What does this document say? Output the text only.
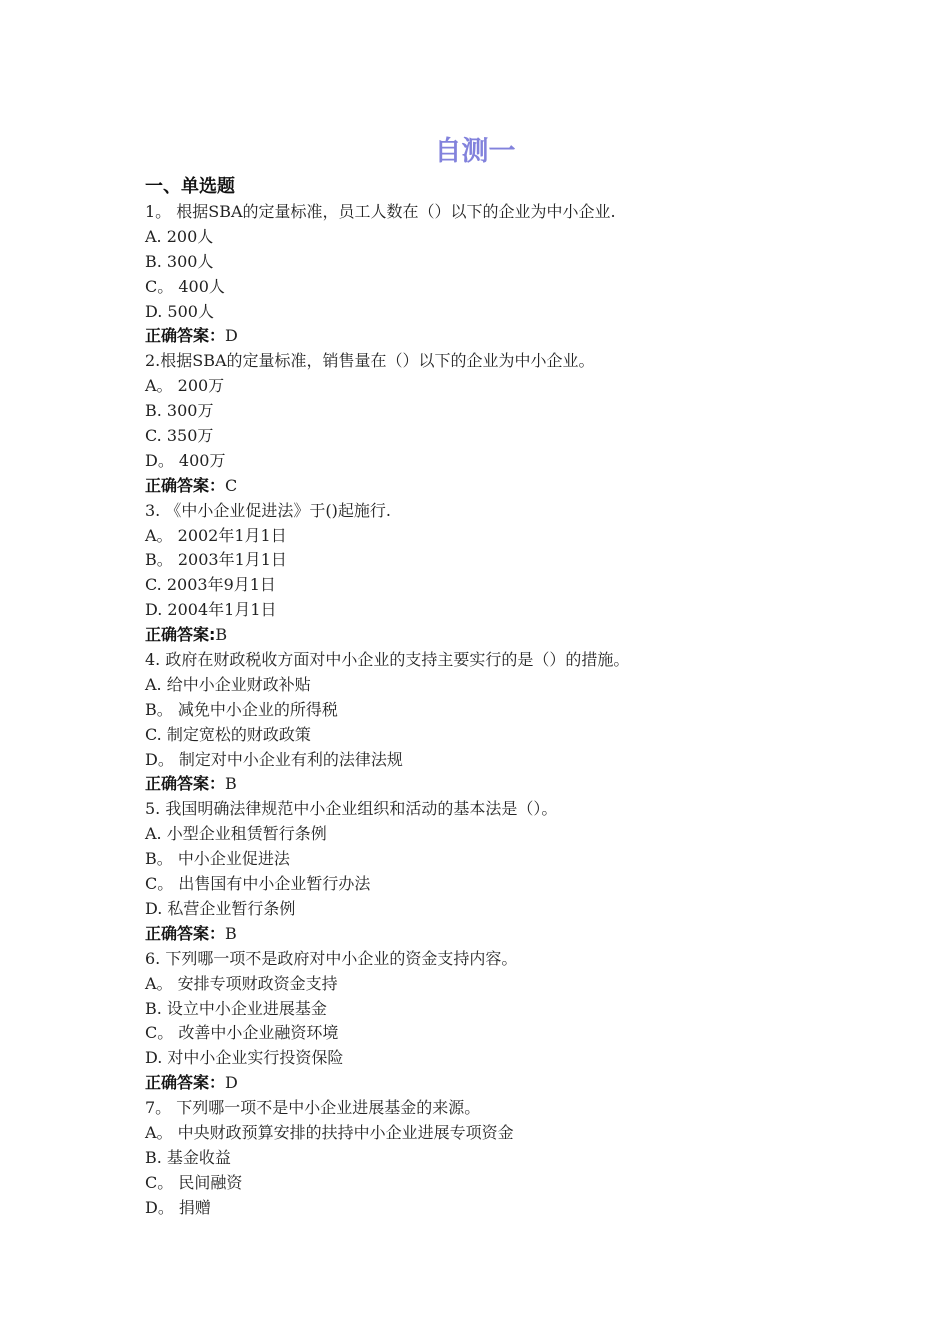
自测一
一、单选题
1。 根据SBA的定量标准，员工人数在（）以下的企业为中小企业.
A. 200人
B. 300人
C。 400人
D. 500人
正确答案：D
2.根据SBA的定量标准，销售量在（）以下的企业为中小企业。
A。 200万
B. 300万
C. 350万
D。 400万
正确答案：C
3. 《中小企业促进法》于()起施行.
A。 2002年1月1日
B。 2003年1月1日
C. 2003年9月1日
D. 2004年1月1日
正确答案:B
4. 政府在财政税收方面对中小企业的支持主要实行的是（）的措施。
A. 给中小企业财政补贴
B。 减免中小企业的所得税
C. 制定宽松的财政政策
D。 制定对中小企业有利的法律法规
正确答案：B
5. 我国明确法律规范中小企业组织和活动的基本法是（）。
A. 小型企业租赁暂行条例
B。 中小企业促进法
C。 出售国有中小企业暂行办法
D. 私营企业暂行条例
正确答案：B
6. 下列哪一项不是政府对中小企业的资金支持内容。
A。 安排专项财政资金支持
B. 设立中小企业进展基金
C。 改善中小企业融资环境
D. 对中小企业实行投资保险
正确答案：D
7。 下列哪一项不是中小企业进展基金的来源。
A。 中央财政预算安排的扶持中小企业进展专项资金
B. 基金收益
C。 民间融资
D。 捐赠
